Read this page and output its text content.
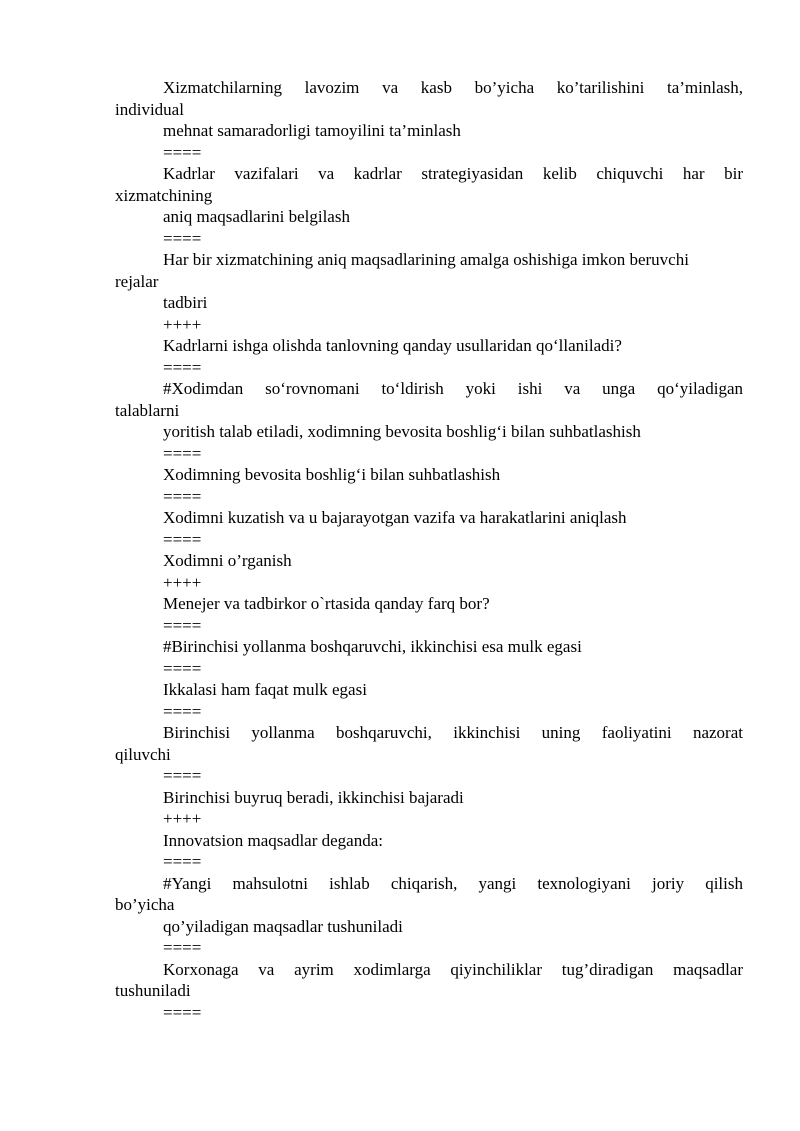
Xizmatchilarning lavozim va kasb bo’yicha ko’tarilishini ta’minlash,
individual
mehnat samaradorligi tamoyilini ta’minlash
====
Kadrlar vazifalari va kadrlar strategiyasidan kelib chiquvchi har bir
xizmatchining
aniq maqsadlarini belgilash
====
Har bir xizmatchining aniq maqsadlarining amalga oshishiga imkon beruvchi
rejalar
tadbiri
++++
Kadrlarni ishga olishda tanlovning qanday usullaridan qo‘llaniladi?
====
#Xodimdan so‘rovnomani to‘ldirish yoki ishi va unga qo‘yiladigan
talablarni
yoritish talab etiladi, xodimning bevosita boshlig‘i bilan suhbatlashish
====
Xodimning bevosita boshlig‘i bilan suhbatlashish
====
Xodimni kuzatish va u bajarayotgan vazifa va harakatlarini aniqlash
====
Xodimni o’rganish
++++
Menejer va tadbirkor o`rtasida qanday farq bor?
====
#Birinchisi yollanma boshqaruvchi, ikkinchisi esa mulk egasi
====
Ikkalasi ham faqat mulk egasi
====
Birinchisi yollanma boshqaruvchi, ikkinchisi uning faoliyatini nazorat
qiluvchi
====
Birinchisi buyruq beradi, ikkinchisi bajaradi
++++
Innovatsion maqsadlar deganda:
====
#Yangi mahsulotni ishlab chiqarish, yangi texnologiyani joriy qilish
bo’yicha
qo’yiladigan maqsadlar tushuniladi
====
Korxonaga va ayrim xodimlarga qiyinchiliklar tug’diradigan maqsadlar
tushuniladi
====
